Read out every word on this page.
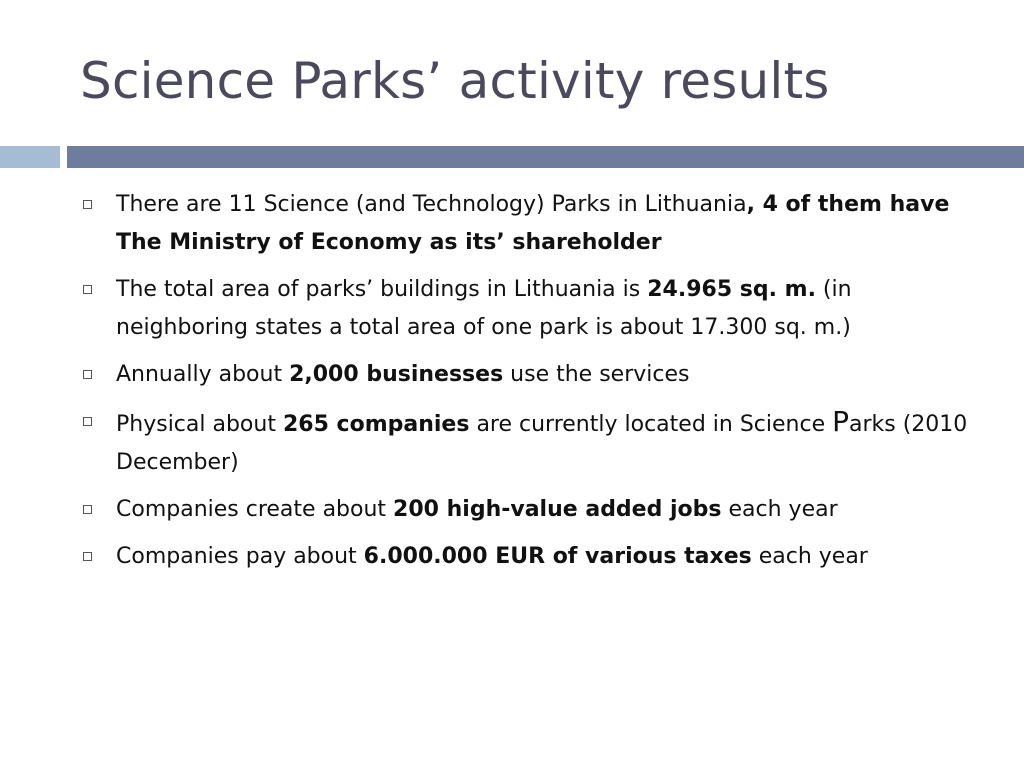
Science Parks’ activity results
There are 11 Science (and Technology) Parks in Lithuania, 4 of them have The Ministry of Economy as its’ shareholder
The total area of parks’ buildings in Lithuania is 24.965 sq. m. (in neighboring states a total area of one park is about 17.300 sq. m.)
Annually about 2,000 businesses use the services
Physical about 265 companies are currently located in Science Parks (2010 December)
Companies create about 200 high-value added jobs each year
Companies pay about 6.000.000 EUR of various taxes each year
